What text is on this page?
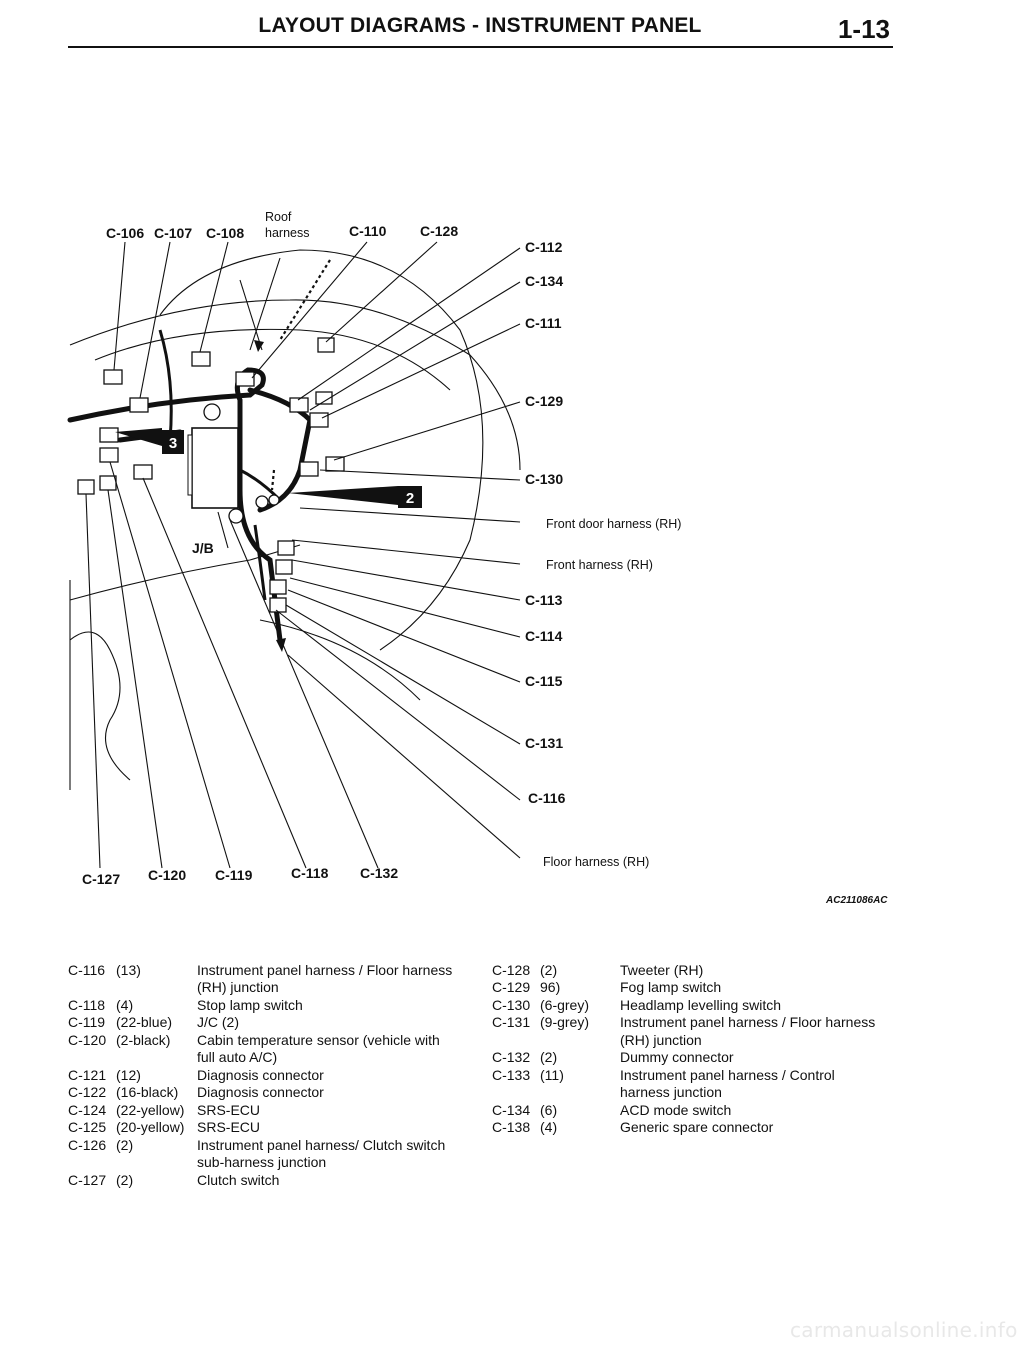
LAYOUT DIAGRAMS - INSTRUMENT PANEL	1-13
3
2
C-106 C-107 C-108	C-110 C-128
C-112
C-134
C-111
C-129
C-130
C-113
C-114
C-115
C-131
C-116
C-127 C-120 C-119	C-118 C-132
J/B
Roof
harness
Front door harness (RH)
Front harness (RH)
Floor harness (RH)
AC211086AC
C-116 (13)	Instrument panel harness / Floor harness
(RH) junction
C-118 (4)	Stop lamp switch
C-119 (22-blue) J/C (2)
C-120 (2-black) Cabin temperature sensor (vehicle with
full auto A/C)
C-121 (12)	Diagnosis connector
C-122 (16-black) Diagnosis connector
C-124 (22-yellow) SRS-ECU
C-125 (20-yellow) SRS-ECU
C-126 (2)	Instrument panel harness/ Clutch switch
sub-harness junction
C-127 (2)	Clutch switch
C-128 (2)	Tweeter (RH)
C-129 96)	Fog lamp switch
C-130 (6-grey) Headlamp levelling switch
C-131 (9-grey) Instrument panel harness / Floor harness
(RH) junction
C-132 (2)	Dummy connector
C-133 (11)	Instrument panel harness / Control
harness junction
C-134 (6)	ACD mode switch
C-138 (4)	Generic spare connector
carmanualsonline.info
